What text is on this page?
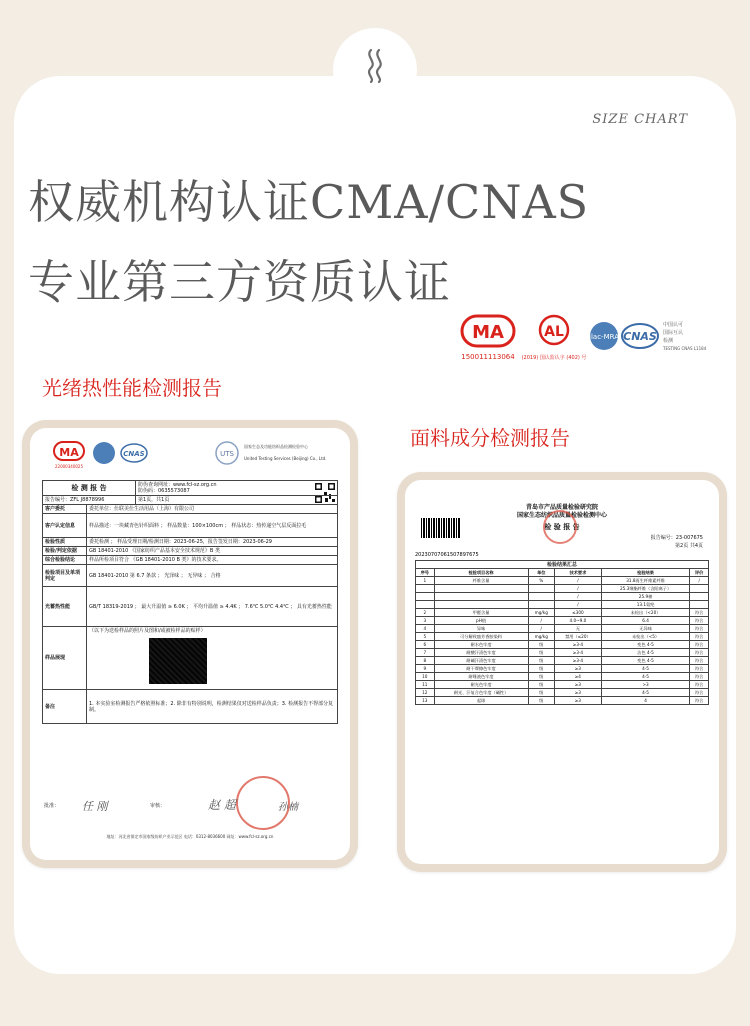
SIZE CHART
权威机构认证CMA/CNAS
专业第三方资质认证
MA
150011113064
AL
(2019) 国认监认字 (402) 号
ilac-MRA CNAS
中国认可
国际互认
检测
TESTING CNAS L1184
光绪热性能检测报告
面料成分检测报告
MA
22000340025
CNAS	UTS
国家生态及功能纺织品检测检验中心
United Testing Services (Beijing) Co., Ltd.
检 测 报 告		防伪查询网址：www.fcl-sz.org.cn
防伪码：0635573087
报告编号：ZFL J8878996		第1页，共1页
客户委托	委托单位：仕联美仕生活用品（上海）有限公司	
客户认定信息	样品描述：一块藏青色针织面料 ； 样品数量：100×100cm ； 样品状态：热传递空气层反面拉毛	
检验性质	委托检测 ； 样品受理日期/检测日期：2023-06-25，报告签发日期：2023-06-29	
检验/判定依据	GB 18401-2010 《国家纺织产品基本安全技术规范》B 类	
综合检验结论	样品所检项目符合 《GB 18401-2010 B 类》的技术要求。	
检验项目及单项判定	GB 18401-2010 第 6.7 条款 ； 光泽味 ； 无异味 ； 合格	
光蓄热性能	GB/T 18319-2019 ； 最大升温值 ≥ 6.0K ； 平均升温值 ≥ 4.4K ； 7.6℃ 5.0℃ 4.4℃ ； 具有光蓄热性能	
样品展现	（以下为送检样品的照片及图和/或被检样品的贴样）	

备注	1. 本实验室检测报告严格依照标准；2. 除非有特别说明，检测结果仅对送检样品负责；3. 检测报告不得部分复制。	
批准： 任 刚	审核：	赵 超	孙楠
地址：河北省保定市国家级纺织产业示范区 电话：0312-8036600 网址：www.fcl-sz.org.cn
青岛市产品质量检验研究院
国家生态纺织品质量检验检测中心
检 验 报 告
报告编号：23-007675
第2页 共4页
20230707061507897675
检验结果汇总					
序号	检验项目名称	单位	技术要求	检验结果	评价
1	纤维含量	%	/	31.8再生纤维素纤维	/
			/	25.3聚酯纤维（含阳离子）	
			/	25.9棉	
			/	13.1氨纶	
2	甲醛含量	mg/kg	≤300	未检出（<20）	符合
3	pH值	/	4.0~9.0	6.4	符合
4	异味	/	无	无异味	符合
5	可分解致癌芳香胺染料	mg/kg	禁用（≤20）	未检出（<5）	符合
6	耐水色牢度	级	≥3-4	变色 4-5	符合
7	耐酸汗渍色牢度	级	≥3-4	沾色 4-5	符合
8	耐碱汗渍色牢度	级	≥3-4	变色 4-5	符合
9	耐干摩擦色牢度	级	≥3	4-5	符合
10	耐唾液色牢度	级	≥4	4-5	符合
11	耐光色牢度	级	≥3	>3	符合
12	耐光、汗复合色牢度（碱性）	级	≥3	4-5	符合
13	起球	级	≥3	4	符合
